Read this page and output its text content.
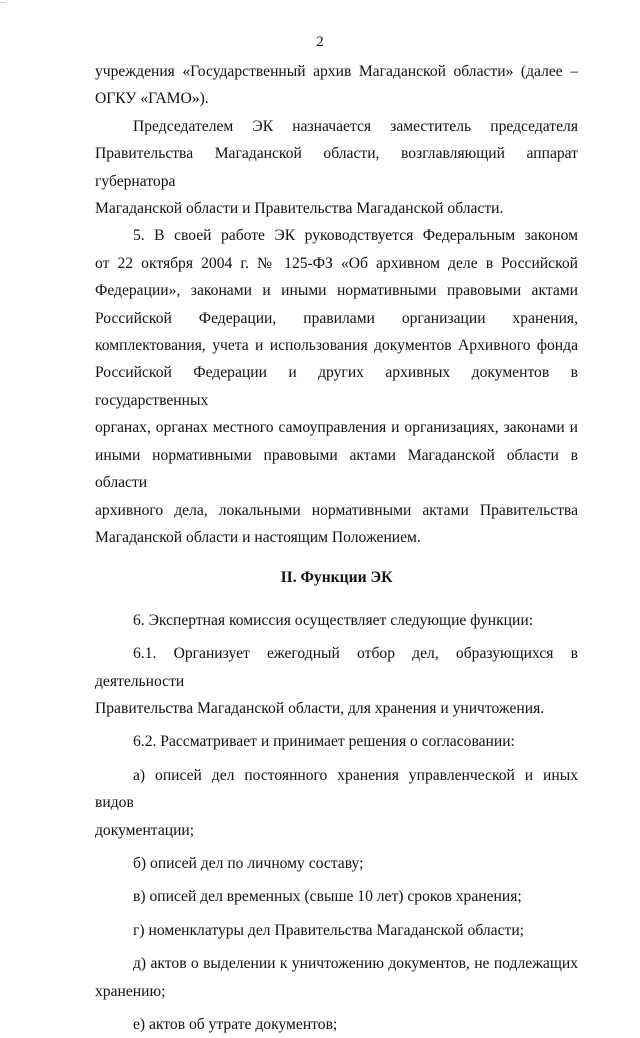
—
2
учреждения «Государственный архив Магаданской области» (далее –
ОГКУ «ГАМО»).
Председателем ЭК назначается заместитель председателя
Правительства Магаданской области, возглавляющий аппарат губернатора
Магаданской области и Правительства Магаданской области.
5. В своей работе ЭК руководствуется Федеральным законом
от 22 октября 2004 г. № 125-ФЗ «Об архивном деле в Российской
Федерации», законами и иными нормативными правовыми актами
Российской Федерации, правилами организации хранения,
комплектования, учета и использования документов Архивного фонда
Российской Федерации и других архивных документов в государственных
органах, органах местного самоуправления и организациях, законами и
иными нормативными правовыми актами Магаданской области в области
архивного дела, локальными нормативными актами Правительства
Магаданской области и настоящим Положением.
II. Функции ЭК
6. Экспертная комиссия осуществляет следующие функции:
6.1. Организует ежегодный отбор дел, образующихся в деятельности
Правительства Магаданской области, для хранения и уничтожения.
6.2. Рассматривает и принимает решения о согласовании:
а) описей дел постоянного хранения управленческой и иных видов
документации;
б) описей дел по личному составу;
в) описей дел временных (свыше 10 лет) сроков хранения;
г) номенклатуры дел Правительства Магаданской области;
д) актов о выделении к уничтожению документов, не подлежащих
хранению;
е) актов об утрате документов;
